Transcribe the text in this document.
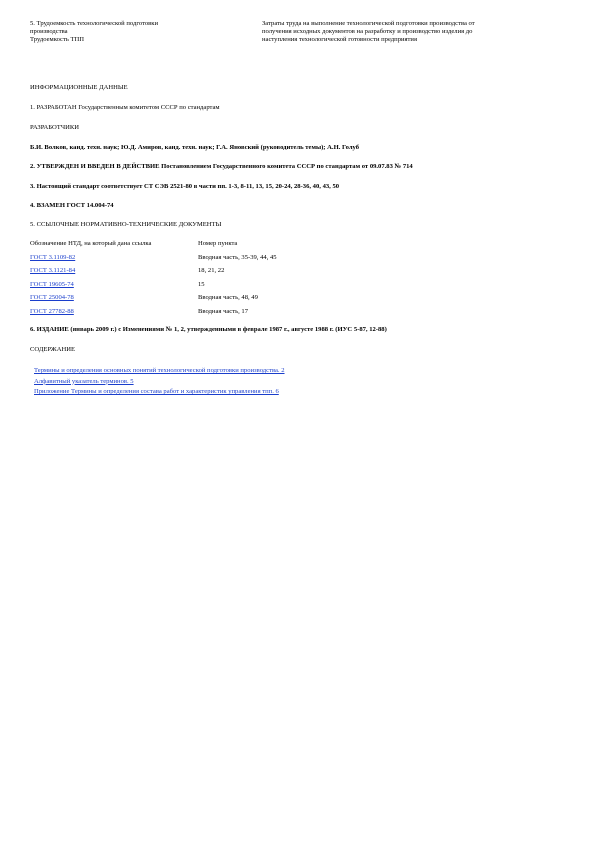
5. Трудоемкость технологической подготовки
производства
Трудоемкость ТПП

Затраты труда на выполнение технологической подготовки производства от
получения исходных документов на разработку и производство изделия до
наступления технологической готовности предприятия
ИНФОРМАЦИОННЫЕ ДАННЫЕ
1. РАЗРАБОТАН Государственным комитетом СССР по стандартам
РАЗРАБОТЧИКИ
Б.И. Волков, канд. техн. наук; Ю.Д. Амиров, канд. техн. наук; Г.А. Яновский (руководитель темы); А.Н. Голуб
2. УТВЕРЖДЕН И ВВЕДЕН В ДЕЙСТВИЕ Постановлением Государственного комитета СССР по стандартам от 09.07.83 № 714
3. Настоящий стандарт соответствует СТ СЭВ 2521-80 в части пп. 1-3, 8-11, 13, 15, 20-24, 28-36, 40, 43, 50
4. ВЗАМЕН ГОСТ 14.004-74
5. ССЫЛОЧНЫЕ НОРМАТИВНО-ТЕХНИЧЕСКИЕ ДОКУМЕНТЫ
Обозначение НТД, на который дана ссылка	Номер пункта
ГОСТ 3.1109-82	Вводная часть, 35-39, 44, 45
ГОСТ 3.1121-84	18, 21, 22
ГОСТ 19605-74	15
ГОСТ 25004-78	Вводная часть, 48, 49
ГОСТ 27782-88	Вводная часть, 17
6. ИЗДАНИЕ (январь 2009 г.) с Изменениями № 1, 2, утвержденными в феврале 1987 г., августе 1988 г. (ИУС 5-87, 12-88)
СОДЕРЖАНИЕ
Термины и определения основных понятий технологической подготовки производства. 2
Алфавитный указатель терминов. 5
Приложение Термины и определения состава работ и характеристик управления тпп. 6
